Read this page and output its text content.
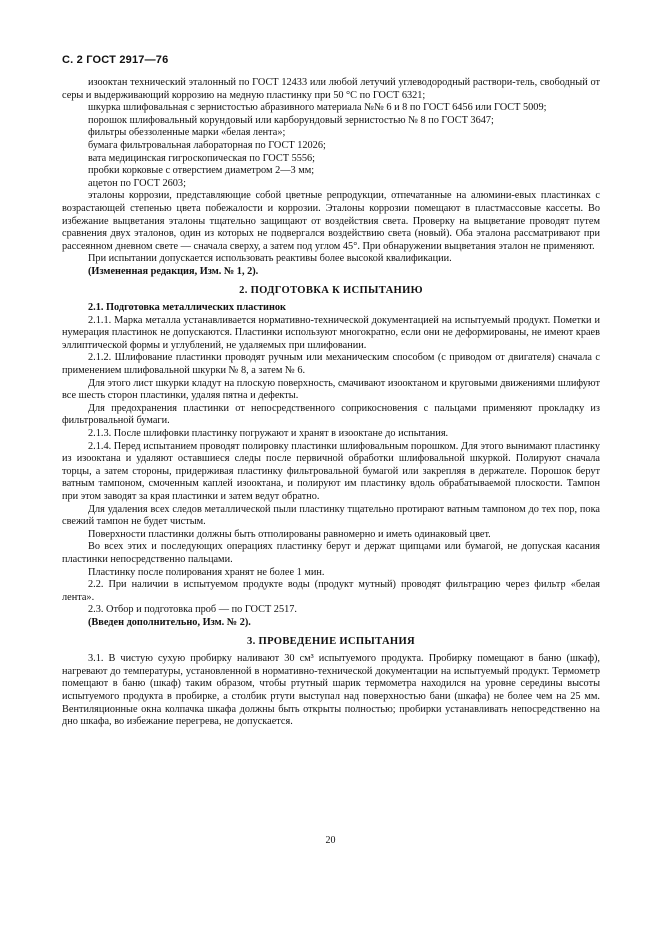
С. 2 ГОСТ 2917—76

изооктан технический эталонный по ГОСТ 12433 или любой летучий углеводородный раствори-тель, свободный от серы и выдерживающий коррозию на медную пластинку при 50 °С по ГОСТ 6321;

шкурка шлифовальная с зернистостью абразивного материала №№ 6 и 8 по ГОСТ 6456 или ГОСТ 5009;

порошок шлифовальный корундовый или карборундовый зернистостью № 8 по ГОСТ 3647;

фильтры обеззоленные марки «белая лента»;

бумага фильтровальная лабораторная по ГОСТ 12026;

вата медицинская гигроскопическая по ГОСТ 5556;

пробки корковые с отверстием диаметром 2—3 мм;

ацетон по ГОСТ 2603;

эталоны коррозии, представляющие собой цветные репродукции, отпечатанные на алюмини-евых пластинках с возрастающей степенью цвета побежалости и коррозии. Эталоны коррозии помещают в пластмассовые кассеты. Во избежание выцветания эталоны тщательно защищают от воздействия света. Проверку на выцветание проводят путем сравнения двух эталонов, один из которых не подвергался воздействию света (новый). Оба эталона рассматривают при рассеянном дневном свете — сначала сверху, а затем под углом 45°. При обнаружении выцветания эталон не применяют.

При испытании допускается использовать реактивы более высокой квалификации.

(Измененная редакция, Изм. № 1, 2).

2. ПОДГОТОВКА К ИСПЫТАНИЮ

2.1. Подготовка металлических пластинок

2.1.1. Марка металла устанавливается нормативно-технической документацией на испытуемый продукт. Пометки и нумерация пластинок не допускаются. Пластинки используют многократно, если они не деформированы, не имеют краев эллиптической формы и углублений, не удаляемых при шлифовании.

2.1.2. Шлифование пластинки проводят ручным или механическим способом (с приводом от двигателя) сначала с применением шлифовальной шкурки № 8, а затем № 6.

Для этого лист шкурки кладут на плоскую поверхность, смачивают изооктаном и круговыми движениями шлифуют все шесть сторон пластинки, удаляя пятна и дефекты.

Для предохранения пластинки от непосредственного соприкосновения с пальцами применяют прокладку из фильтровальной бумаги.

2.1.3. После шлифовки пластинку погружают и хранят в изооктане до испытания.

2.1.4. Перед испытанием проводят полировку пластинки шлифовальным порошком. Для этого вынимают пластинку из изооктана и удаляют оставшиеся следы после первичной обработки шлифовальной шкуркой. Полируют сначала торцы, а затем стороны, придерживая пластинку фильтровальной бумагой или закрепляя в держателе. Порошок берут ватным тампоном, смоченным каплей изооктана, и полируют им пластинку вдоль обрабатываемой плоскости. Тампон при этом заводят за края пластинки и затем ведут обратно.

Для удаления всех следов металлической пыли пластинку тщательно протирают ватным тампоном до тех пор, пока свежий тампон не будет чистым.

Поверхности пластинки должны быть отполированы равномерно и иметь одинаковый цвет.

Во всех этих и последующих операциях пластинку берут и держат щипцами или бумагой, не допуская касания пластинки непосредственно пальцами.

Пластинку после полирования хранят не более 1 мин.

2.2. При наличии в испытуемом продукте воды (продукт мутный) проводят фильтрацию через фильтр «белая лента».

2.3. Отбор и подготовка проб — по ГОСТ 2517.

(Введен дополнительно, Изм. № 2).

3. ПРОВЕДЕНИЕ ИСПЫТАНИЯ

3.1. В чистую сухую пробирку наливают 30 см³ испытуемого продукта. Пробирку помещают в баню (шкаф), нагревают до температуры, установленной в нормативно-технической документации на испытуемый продукт. Термометр помещают в баню (шкаф) таким образом, чтобы ртутный шарик термометра находился на уровне середины высоты испытуемого продукта в пробирке, а столбик ртути выступал над поверхностью бани (шкафа) не более чем на 25 мм. Вентиляционные окна колпачка шкафа должны быть открыты полностью; пробирки устанавливать непосредственно на дно шкафа, во избежание перегрева, не допускается.

20
